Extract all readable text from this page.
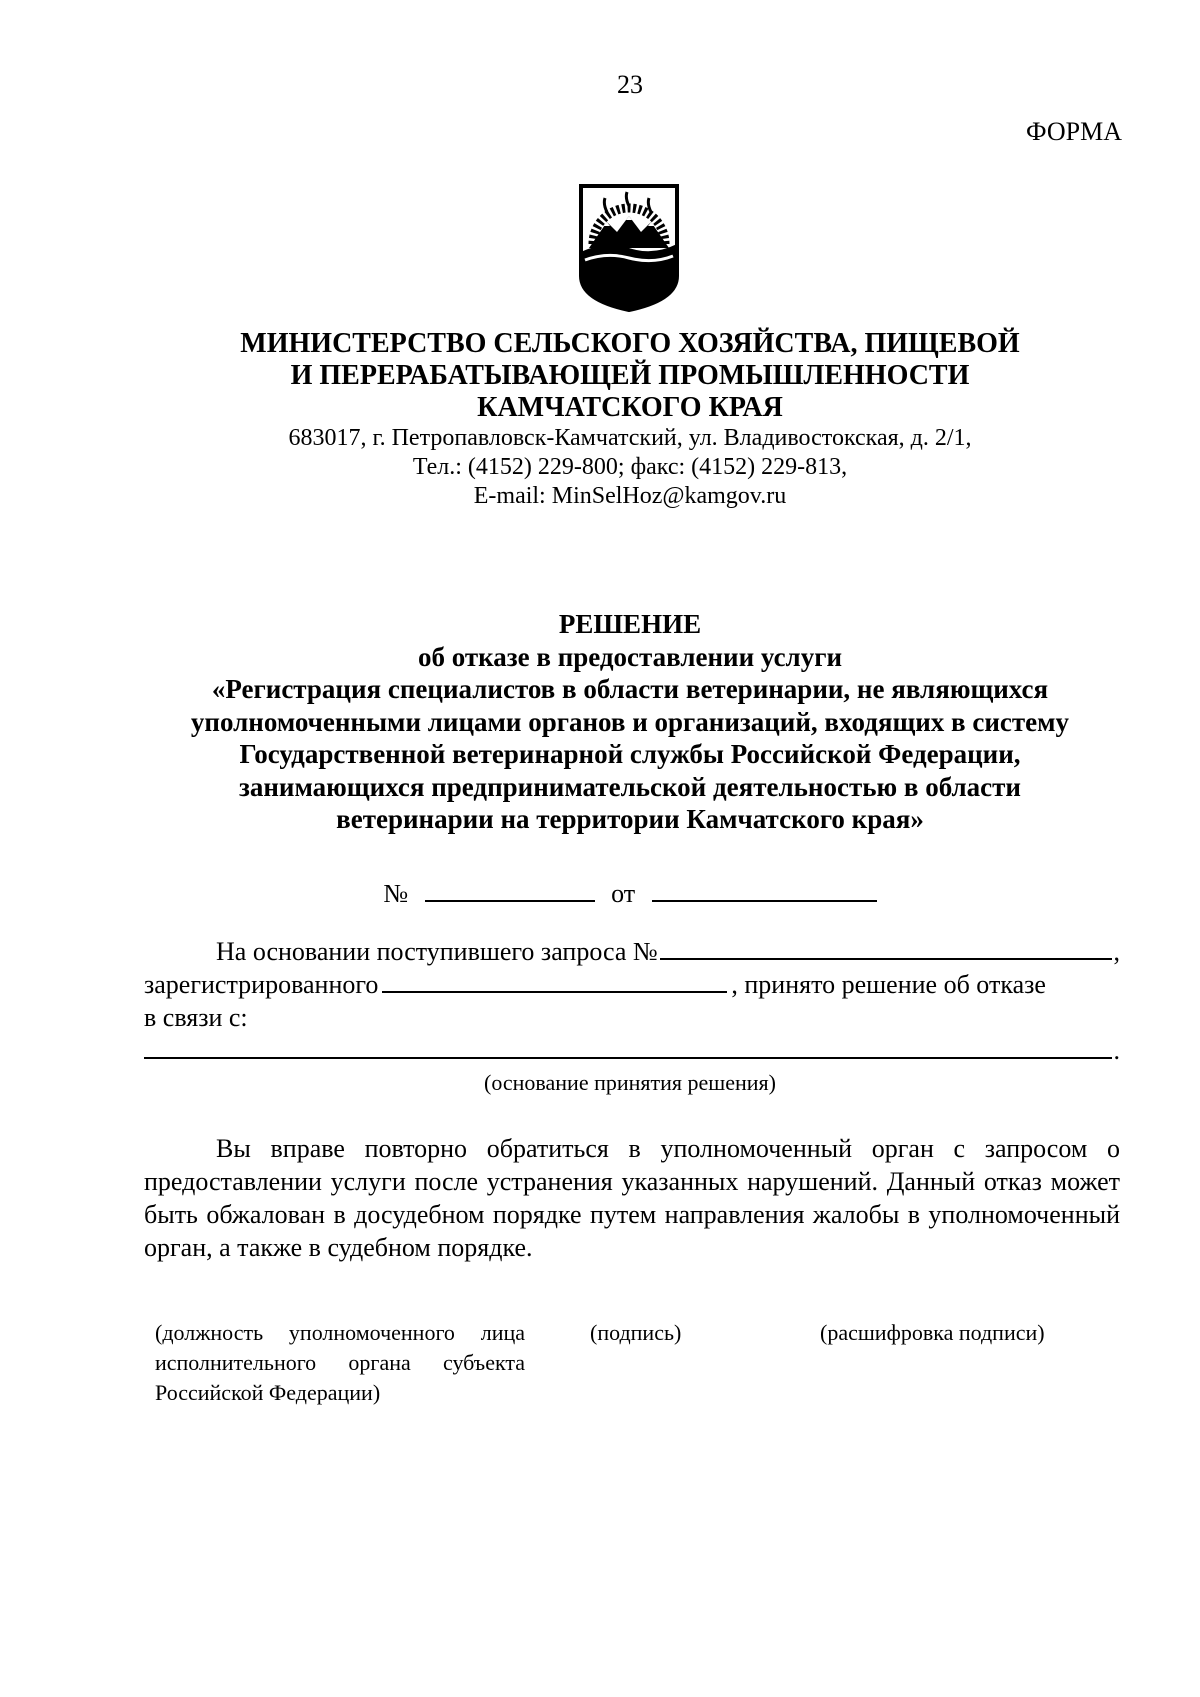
23
ФОРМА
МИНИСТЕРСТВО СЕЛЬСКОГО ХОЗЯЙСТВА, ПИЩЕВОЙ
И ПЕРЕРАБАТЫВАЮЩЕЙ ПРОМЫШЛЕННОСТИ
КАМЧАТСКОГО КРАЯ
683017, г. Петропавловск-Камчатский, ул. Владивостокская, д. 2/1,
Тел.: (4152) 229-800; факс: (4152) 229-813,
E-mail: MinSelHoz@kamgov.ru
РЕШЕНИЕ
об отказе в предоставлении услуги
«Регистрация специалистов в области ветеринарии, не являющихся
уполномоченными лицами органов и организаций, входящих в систему
Государственной ветеринарной службы Российской Федерации,
занимающихся предпринимательской деятельностью в области
ветеринарии на территории Камчатского края»
№	от
На основании поступившего запроса №	,
зарегистрированного	, принято решение об отказе
в связи с:
.
(основание принятия решения)
Вы вправе повторно обратиться в уполномоченный орган с запросом о предоставлении услуги после устранения указанных нарушений. Данный отказ может быть обжалован в досудебном порядке путем направления жалобы в уполномоченный орган, а также в судебном порядке.
(должность уполномоченного лица исполнительного органа субъекта Российской Федерации)
(подпись)	(расшифровка подписи)
